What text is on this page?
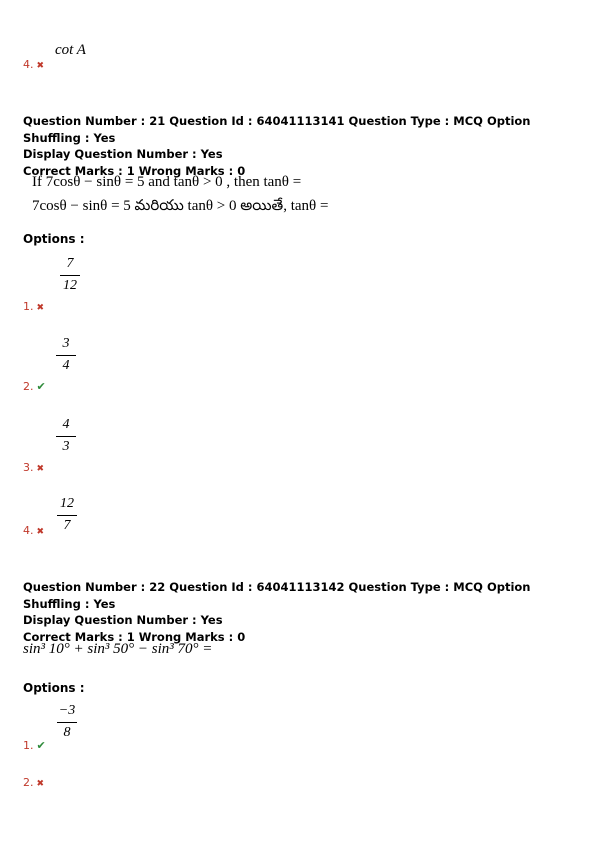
4. ✖
cot A
Question Number : 21 Question Id : 64041113141 Question Type : MCQ Option Shuffling : Yes
Display Question Number : Yes
Correct Marks : 1 Wrong Marks : 0
If 7cosθ − sinθ = 5 and tanθ > 0 , then tanθ =
7cosθ − sinθ = 5 మరియు tanθ > 0 అయితే, tanθ =
Options :
7
12
1. ✖
3
4
2. ✔
4
3
3. ✖
12
7
4. ✖
Question Number : 22 Question Id : 64041113142 Question Type : MCQ Option Shuffling : Yes
Display Question Number : Yes
Correct Marks : 1 Wrong Marks : 0
sin³ 10° + sin³ 50° − sin³ 70° =
Options :
−3
8
1. ✔
2. ✖
